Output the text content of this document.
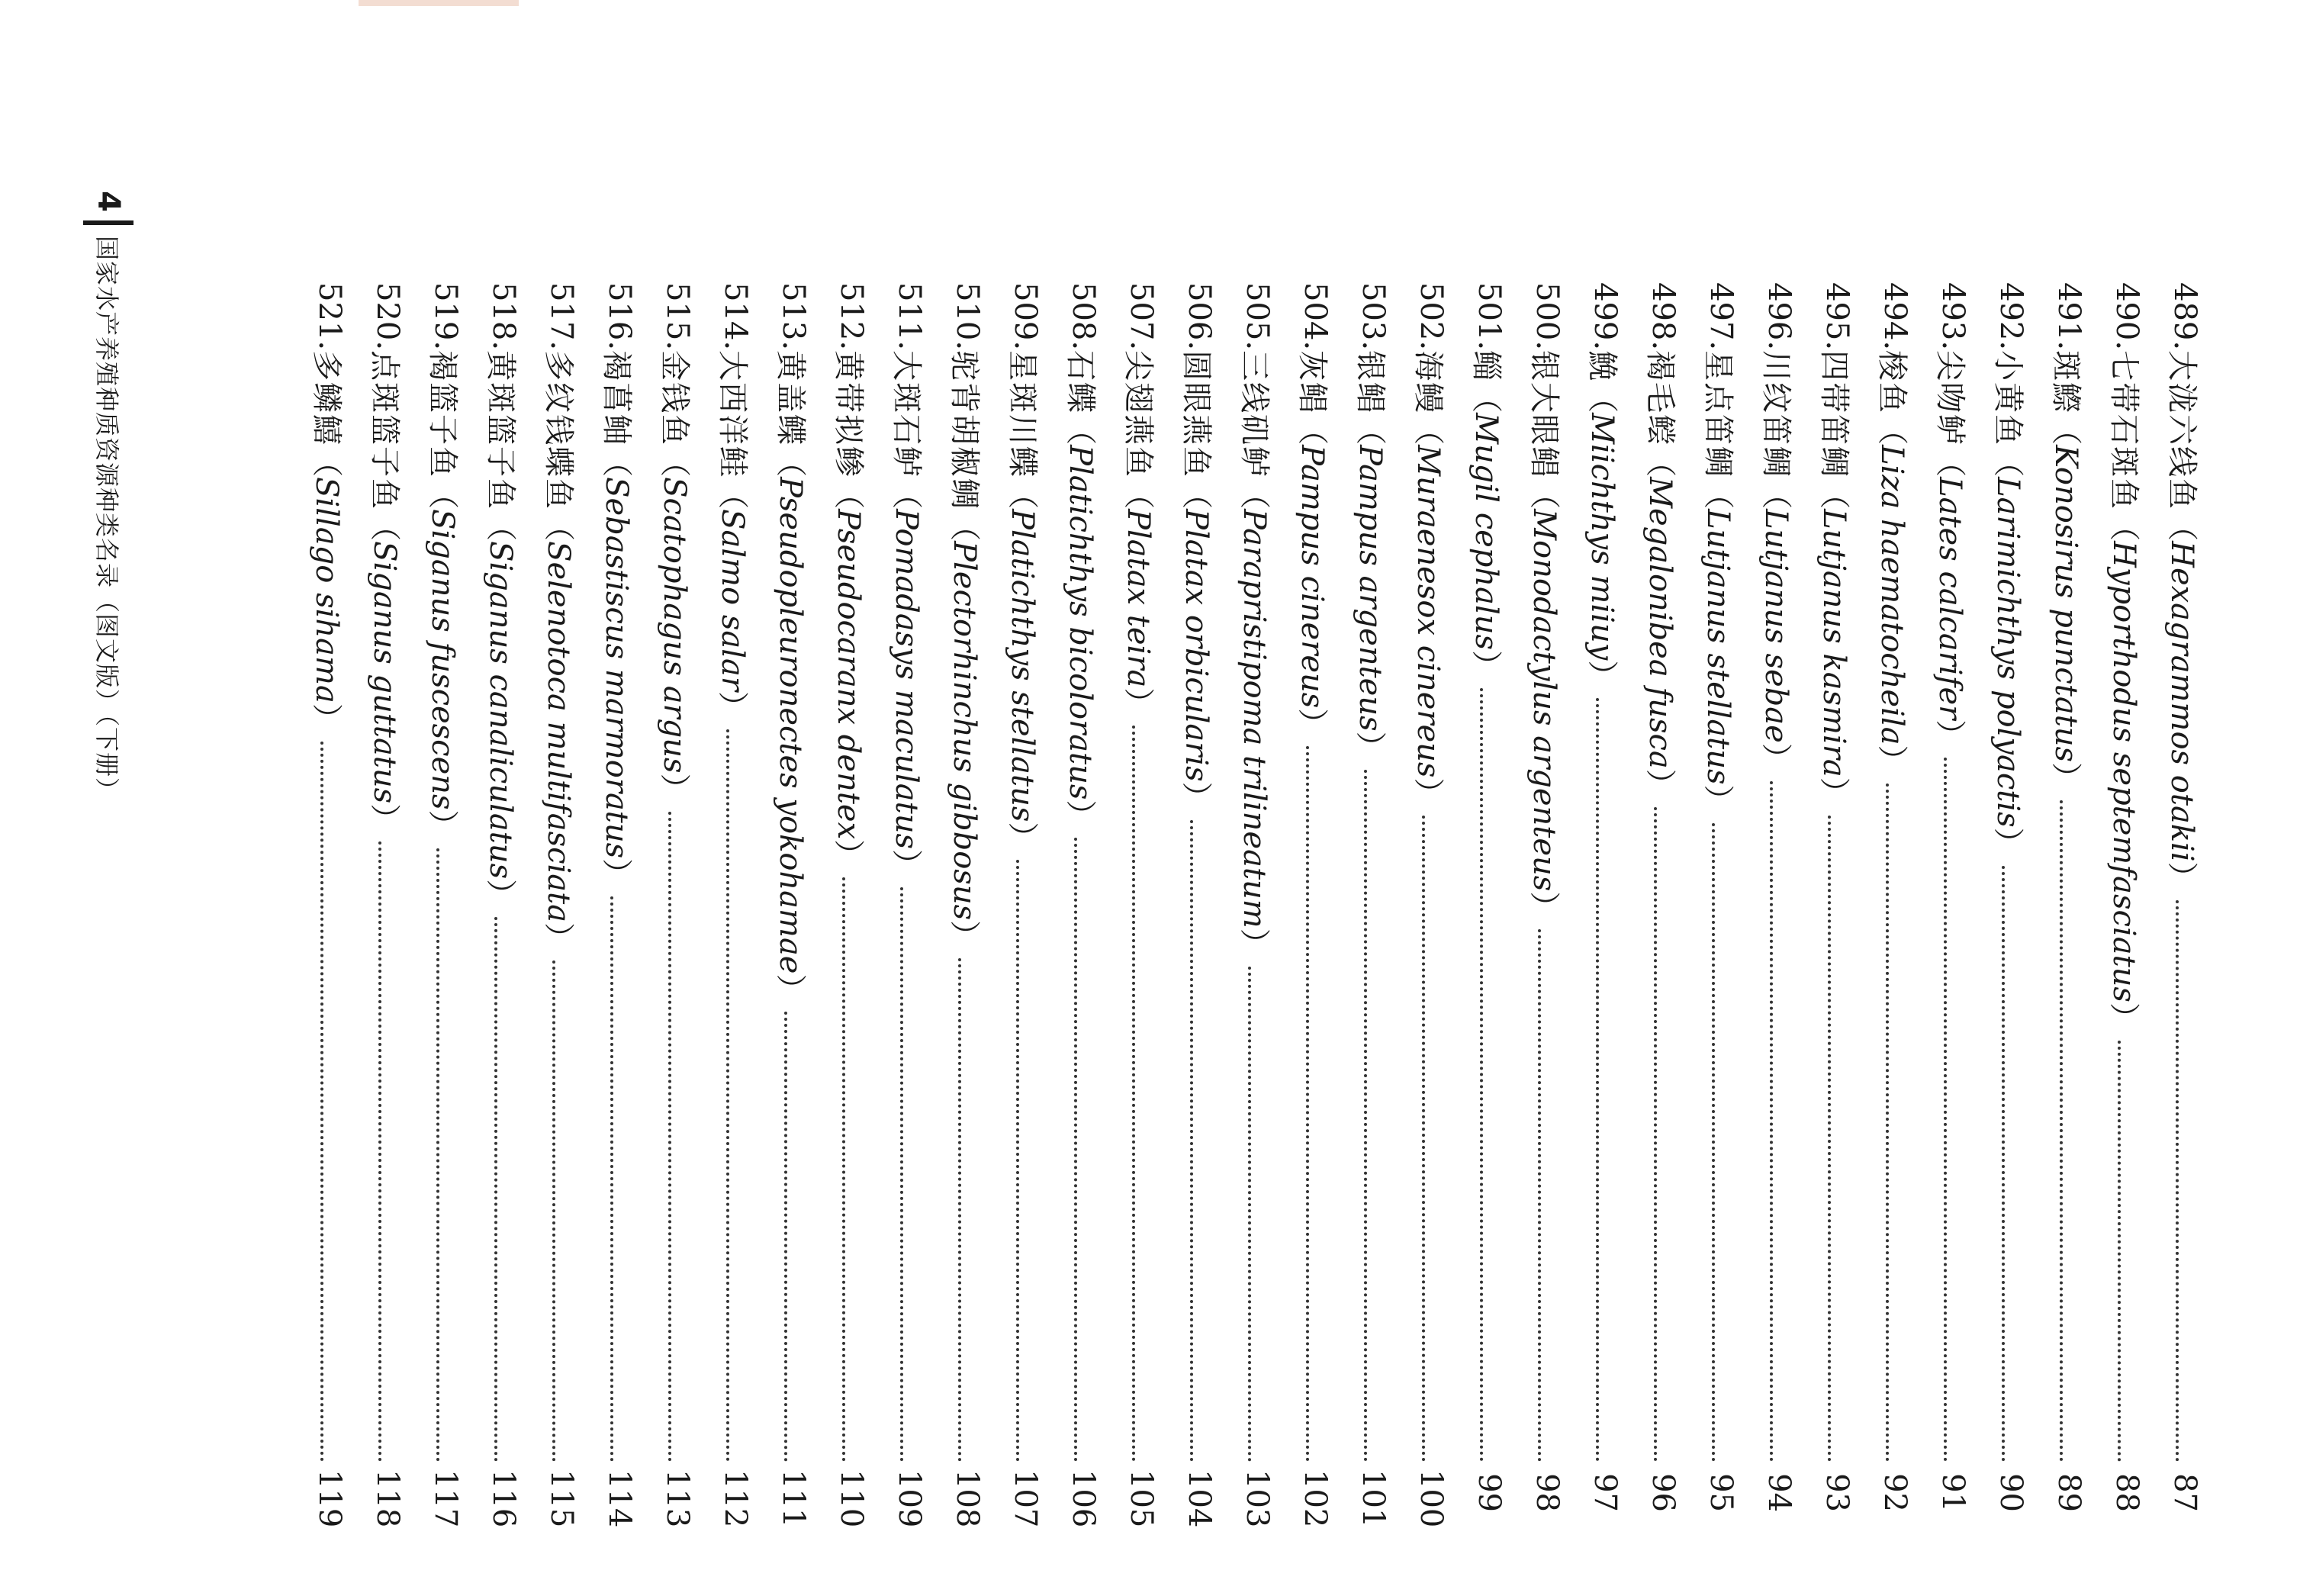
4
国家水产养殖种质资源种类名录（图文版）（下册）	489.
大泷六线鱼
（Hexagrammos otakii）
87
490.
七带石斑鱼
（Hyporthodus septemfasciatus）
88
491.
斑鰶
（Konosirus punctatus）
89
492.
小黄鱼
（Larimichthys polyactis）
90
493.
尖吻鲈
（Lates calcarifer）
91
494.
梭鱼
（Liza haematocheila）
92
495.
四带笛鲷
（Lutjanus kasmira）
93
496.
川纹笛鲷
（Lutjanus sebae）
94
497.
星点笛鲷
（Lutjanus stellatus）
95
498.
褐毛鲿
（Megalonibea fusca）
96
499.
鮸
（Miichthys miiuy）
97
500.
银大眼鲳
（Monodactylus argenteus）
98
501.
鲻
（Mugil cephalus）
99
502.
海鳗
（Muraenesox cinereus）
100
503.
银鲳
（Pampus argenteus）
101
504.
灰鲳
（Pampus cinereus）
102
505.
三线矶鲈
（Parapristipoma trilineatum）
103
506.
圆眼燕鱼
（Platax orbicularis）
104
507.
尖翅燕鱼
（Platax teira）
105
508.
石鲽
（Platichthys bicoloratus）
106
509.
星斑川鲽
（Platichthys stellatus）
107
510.
驼背胡椒鲷
（Plectorhinchus gibbosus）
108
511.
大斑石鲈
（Pomadasys maculatus）
109
512.
黄带拟鲹
（Pseudocaranx dentex）
110
513.
黄盖鲽
（Pseudopleuronectes yokohamae）
111
514.
大西洋鲑
（Salmo salar）
112
515.
金钱鱼
（Scatophagus argus）
113
516.
褐菖鲉
（Sebastiscus marmoratus）
114
517.
多纹钱蝶鱼
（Selenotoca multifasciata）
115
518.
黄斑篮子鱼
（Siganus canaliculatus）
116
519.
褐篮子鱼
（Siganus fuscescens）
117
520.
点斑篮子鱼
（Siganus guttatus）
118
521.
多鳞鱚
（Sillago sihama）
119
